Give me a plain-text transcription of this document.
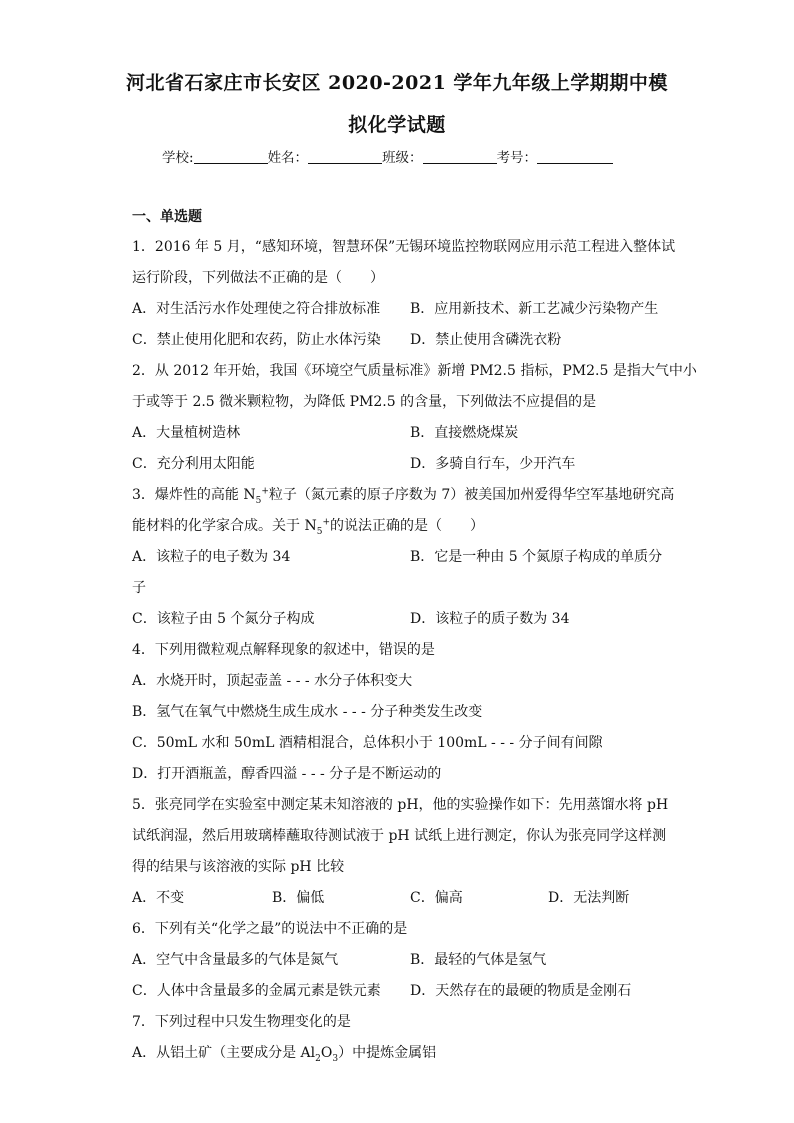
河北省石家庄市长安区 2020-2021 学年九年级上学期期中模
拟化学试题
学校:	姓名：	班级：	考号：
一、单选题
1．2016 年 5 月，“感知环境，智慧环保”无锡环境监控物联网应用示范工程进入整体试
运行阶段，下列做法不正确的是（　　）
A．对生活污水作处理使之符合排放标准 B．应用新技术、新工艺减少污染物产生
C．禁止使用化肥和农药，防止水体污染 D．禁止使用含磷洗衣粉
2．从 2012 年开始，我国《环境空气质量标准》新增 PM2.5 指标，PM2.5 是指大气中小
于或等于 2.5 微米颗粒物，为降低 PM2.5 的含量，下列做法不应提倡的是
A．大量植树造林	B．直接燃烧煤炭
C．充分利用太阳能	D．多骑自行车，少开汽车
3．爆炸性的高能 $N_5^+$粒子（氮元素的原子序数为 7）被美国加州爱得华空军基地研究高
能材料的化学家合成。关于 $N_5^+$的说法正确的是（　　）
A．该粒子的电子数为 34	B．它是一种由 5 个氮原子构成的单质分
子
C．该粒子由 5 个氮分子构成	D．该粒子的质子数为 34
4．下列用微粒观点解释现象的叙述中，错误的是
A．水烧开时，顶起壶盖 - - - 水分子体积变大
B．氢气在氧气中燃烧生成生成水 - - - 分子种类发生改变
C．50mL 水和 50mL 酒精相混合，总体积小于 100mL - - - 分子间有间隙
D．打开酒瓶盖，醇香四溢 - - - 分子是不断运动的
5．张亮同学在实验室中测定某未知溶液的 pH，他的实验操作如下：先用蒸馏水将 pH
试纸润湿，然后用玻璃棒蘸取待测试液于 pH 试纸上进行测定，你认为张亮同学这样测
得的结果与该溶液的实际 pH 比较
A．不变	B．偏低	C．偏高	D．无法判断
6．下列有关“化学之最”的说法中不正确的是
A．空气中含量最多的气体是氮气	B．最轻的气体是氢气
C．人体中含量最多的金属元素是铁元素 D．天然存在的最硬的物质是金刚石
7．下列过程中只发生物理变化的是
A．从铝土矿（主要成分是 $Al_2O_3$）中提炼金属铝
